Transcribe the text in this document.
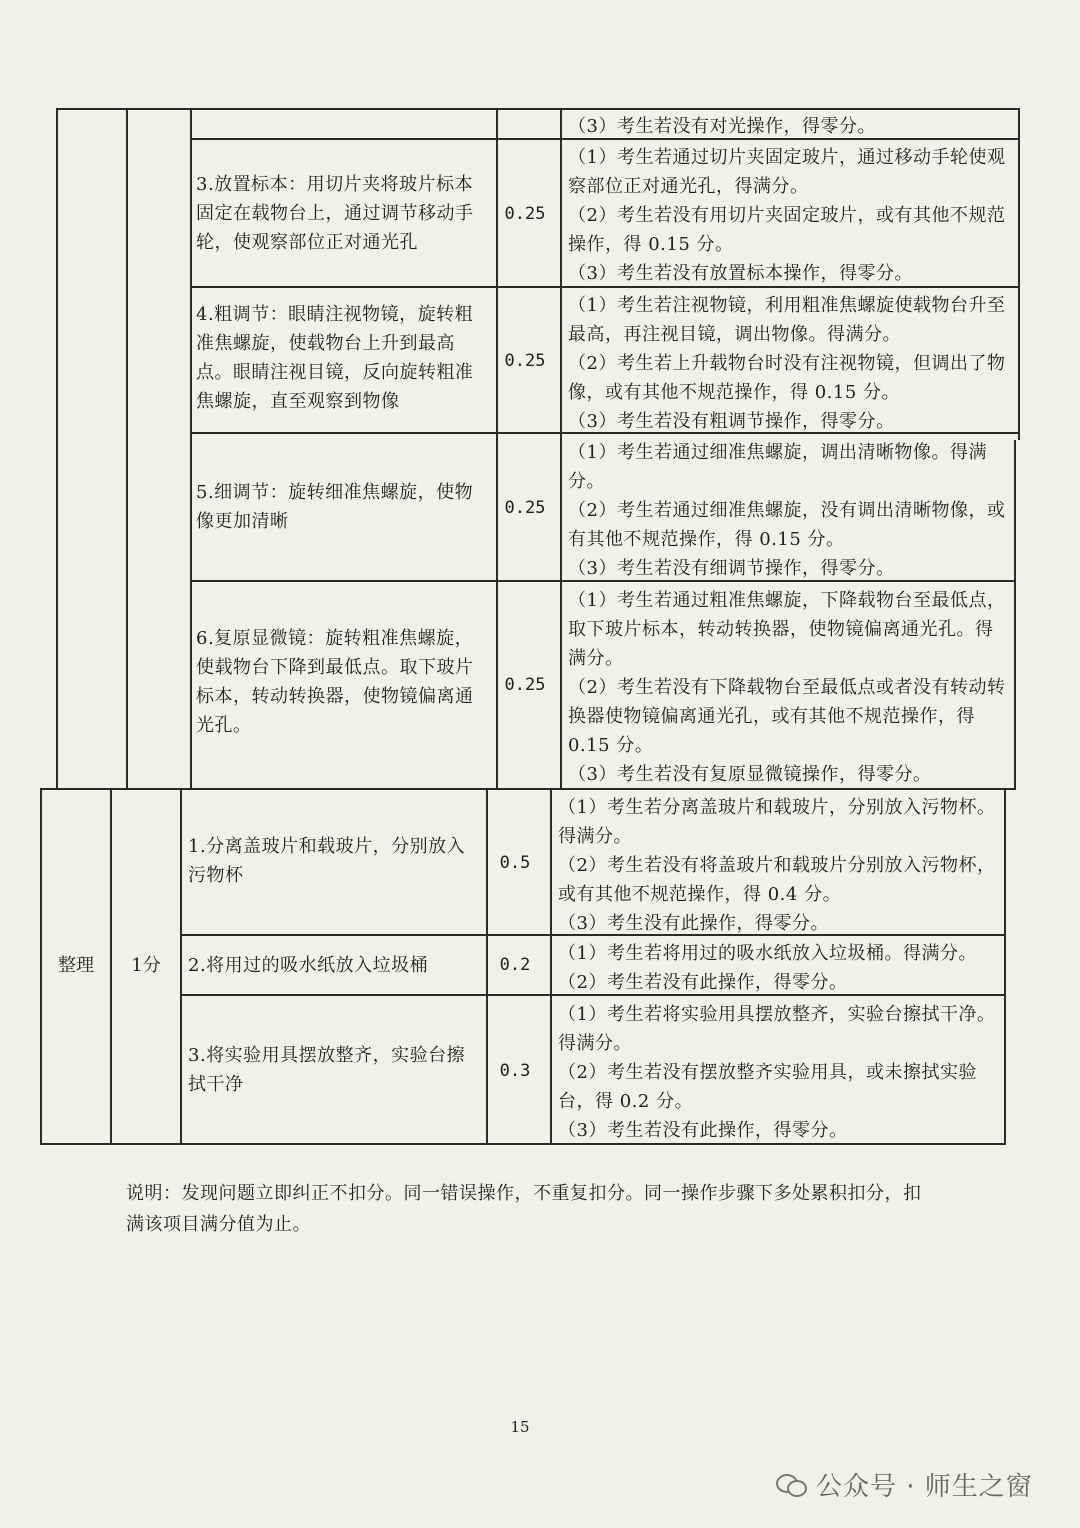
（3）考生若没有对光操作，得零分。
3.放置标本：用切片夹将玻片标本固定在载物台上，通过调节移动手轮，使观察部位正对通光孔
0.25
（1）考生若通过切片夹固定玻片，通过移动手轮使观察部位正对通光孔，得满分。
（2）考生若没有用切片夹固定玻片，或有其他不规范操作，得 0.15 分。
（3）考生若没有放置标本操作，得零分。
4.粗调节：眼睛注视物镜，旋转粗准焦螺旋，使载物台上升到最高点。眼睛注视目镜，反向旋转粗准焦螺旋，直至观察到物像
0.25
（1）考生若注视物镜，利用粗准焦螺旋使载物台升至最高，再注视目镜，调出物像。得满分。
（2）考生若上升载物台时没有注视物镜，但调出了物像，或有其他不规范操作，得 0.15 分。
（3）考生若没有粗调节操作，得零分。
5.细调节：旋转细准焦螺旋，使物像更加清晰
0.25
（1）考生若通过细准焦螺旋，调出清晰物像。得满分。
（2）考生若通过细准焦螺旋，没有调出清晰物像，或有其他不规范操作，得 0.15 分。
（3）考生若没有细调节操作，得零分。
6.复原显微镜：旋转粗准焦螺旋，使载物台下降到最低点。取下玻片标本，转动转换器，使物镜偏离通光孔。
0.25
（1）考生若通过粗准焦螺旋，下降载物台至最低点，取下玻片标本，转动转换器，使物镜偏离通光孔。得满分。
（2）考生若没有下降载物台至最低点或者没有转动转换器使物镜偏离通光孔，或有其他不规范操作，得 0.15 分。
（3）考生若没有复原显微镜操作，得零分。
整理	1分
1.分离盖玻片和载玻片，分别放入污物杯
0.5
（1）考生若分离盖玻片和载玻片，分别放入污物杯。得满分。
（2）考生若没有将盖玻片和载玻片分别放入污物杯，或有其他不规范操作，得 0.4 分。
（3）考生没有此操作，得零分。
2.将用过的吸水纸放入垃圾桶	0.2
（1）考生若将用过的吸水纸放入垃圾桶。得满分。
（2）考生若没有此操作，得零分。
3.将实验用具摆放整齐，实验台擦拭干净
0.3
（1）考生若将实验用具摆放整齐，实验台擦拭干净。得满分。
（2）考生若没有摆放整齐实验用具，或未擦拭实验台，得 0.2 分。
（3）考生若没有此操作，得零分。
说明：发现问题立即纠正不扣分。同一错误操作，不重复扣分。同一操作步骤下多处累积扣分，扣满该项目满分值为止。
15
公众号 · 师生之窗
